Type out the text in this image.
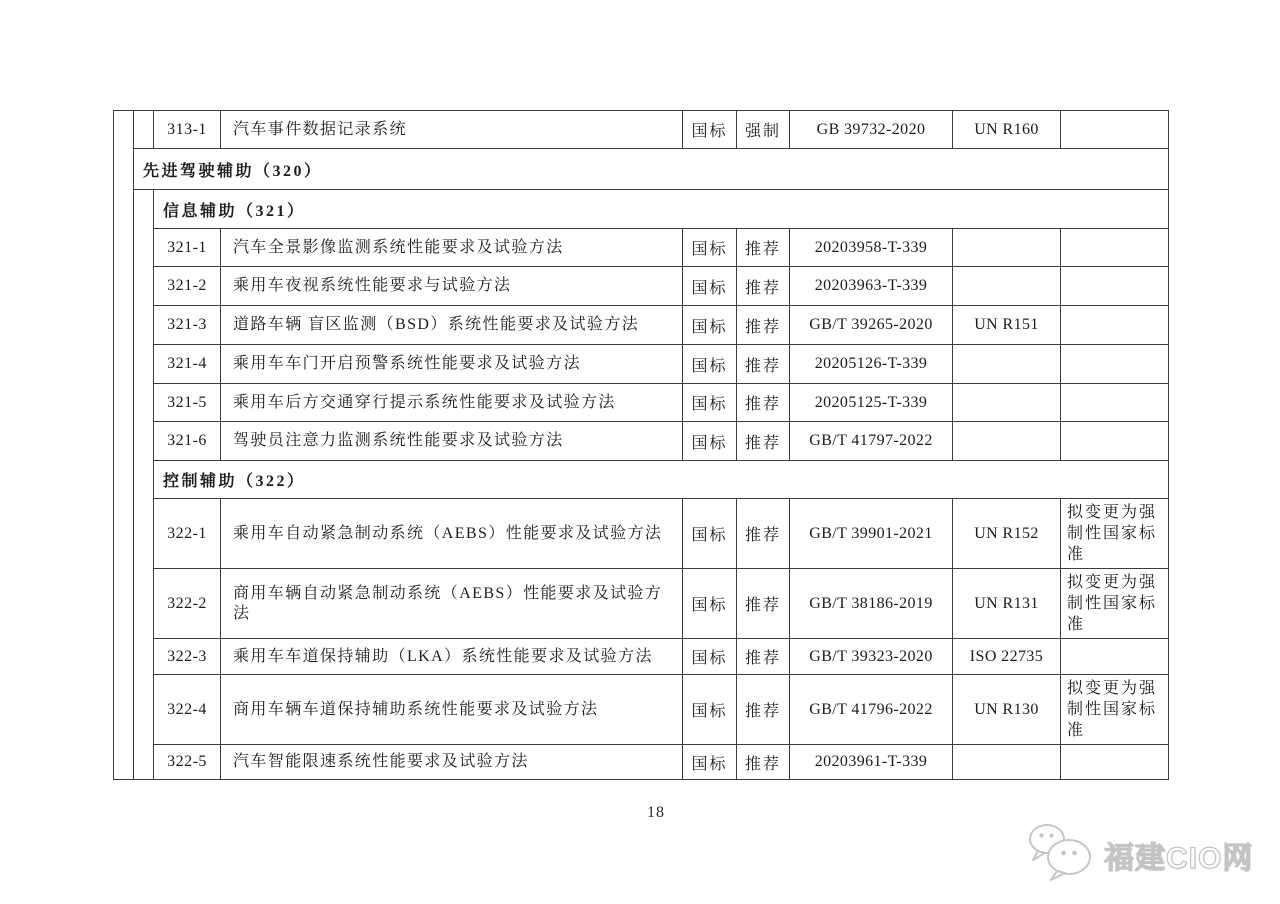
		313-1	汽车事件数据记录系统	国标	强制	GB 39732-2020	UN R160	
	先进驾驶辅助（320）							
		信息辅助（321）						
		321-1	汽车全景影像监测系统性能要求及试验方法	国标	推荐	20203958-T-339		
		321-2	乘用车夜视系统性能要求与试验方法	国标	推荐	20203963-T-339		
		321-3	道路车辆 盲区监测（BSD）系统性能要求及试验方法	国标	推荐	GB/T 39265-2020	UN R151	
		321-4	乘用车车门开启预警系统性能要求及试验方法	国标	推荐	20205126-T-339		
		321-5	乘用车后方交通穿行提示系统性能要求及试验方法	国标	推荐	20205125-T-339		
		321-6	驾驶员注意力监测系统性能要求及试验方法	国标	推荐	GB/T 41797-2022		
		控制辅助（322）						
		322-1	乘用车自动紧急制动系统（AEBS）性能要求及试验方法	国标	推荐	GB/T 39901-2021	UN R152	拟变更为强制性国家标准
		322-2	商用车辆自动紧急制动系统（AEBS）性能要求及试验方法	国标	推荐	GB/T 38186-2019	UN R131	拟变更为强制性国家标准
		322-3	乘用车车道保持辅助（LKA）系统性能要求及试验方法	国标	推荐	GB/T 39323-2020	ISO 22735	
		322-4	商用车辆车道保持辅助系统性能要求及试验方法	国标	推荐	GB/T 41796-2022	UN R130	拟变更为强制性国家标准
		322-5	汽车智能限速系统性能要求及试验方法	国标	推荐	20203961-T-339		
18
福建CIO网
